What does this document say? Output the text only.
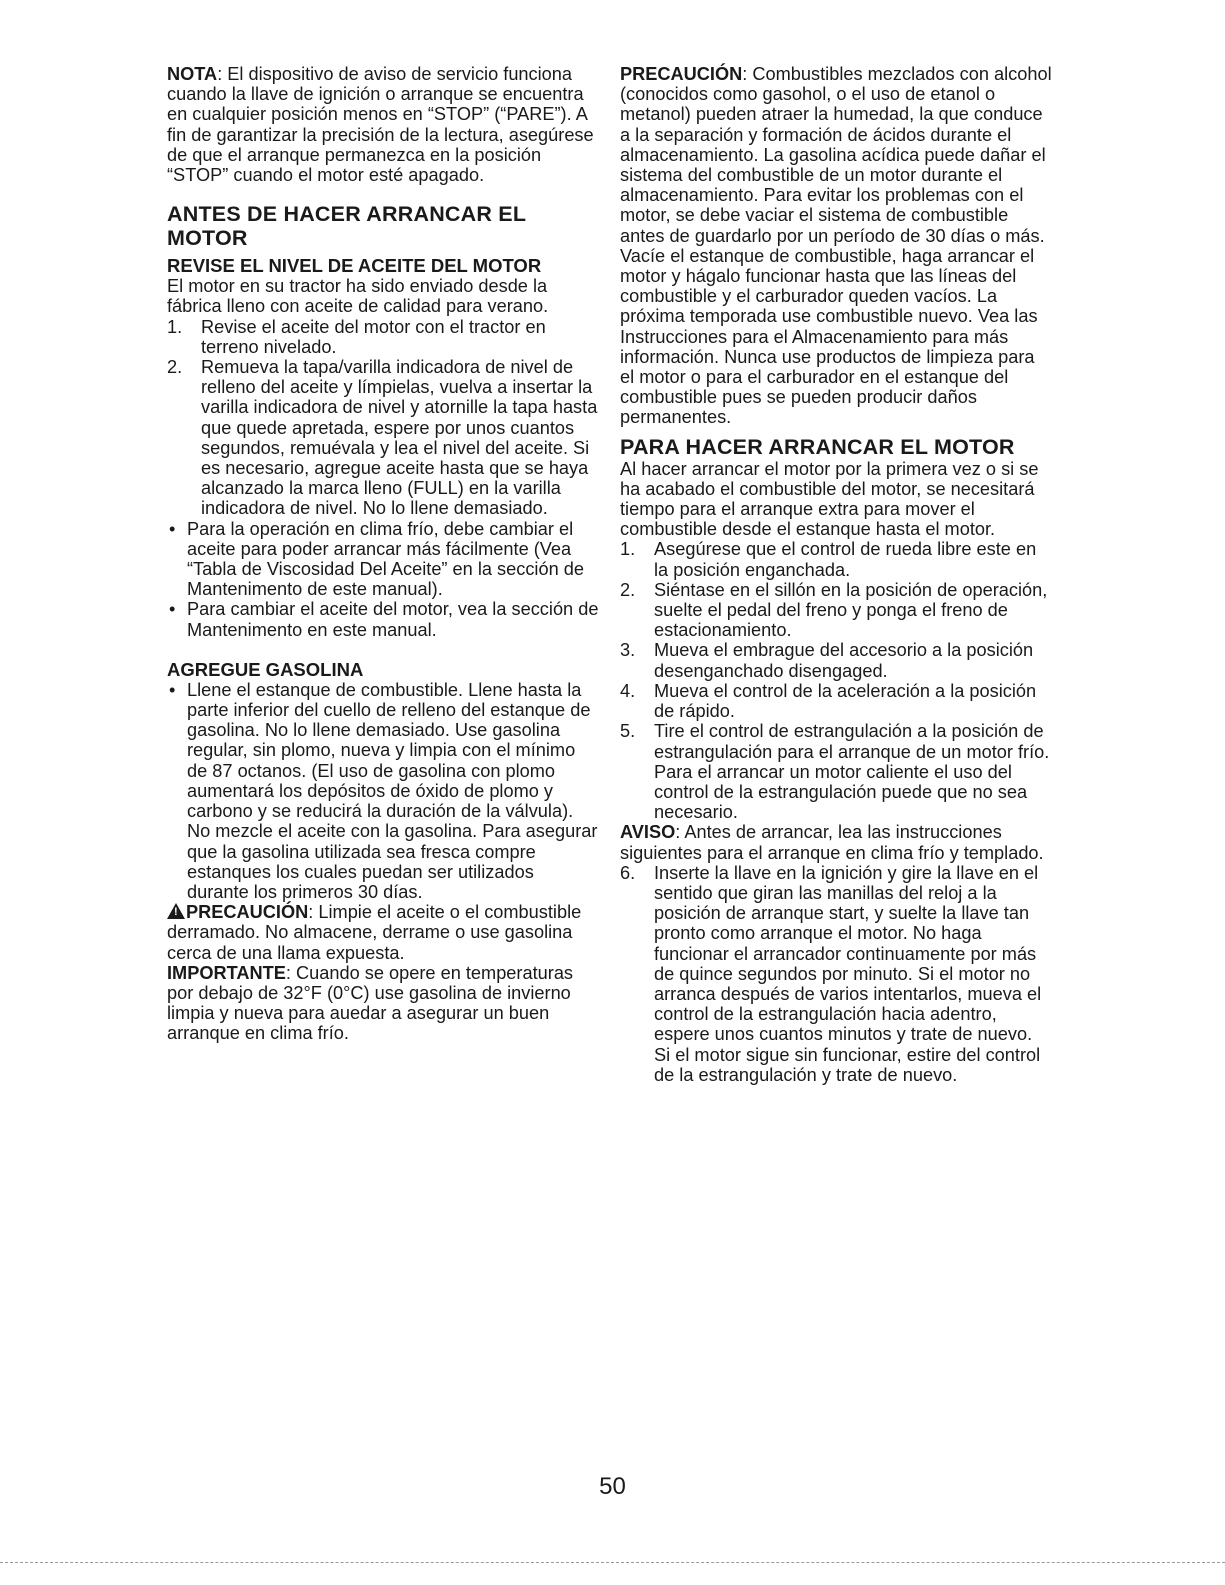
NOTA: El dispositivo de aviso de servicio funciona cuando la llave de ignición o arranque se encuentra en cualquier posición menos en “STOP” (“PARE”). A fin de garantizar la precisión de la lectura, asegúrese de que el arranque permanezca en la posición “STOP” cuando el motor esté apagado.

ANTES DE HACER ARRANCAR EL MOTOR
REVISE EL NIVEL DE ACEITE DEL MOTOR

El motor en su tractor ha sido enviado desde la fábrica lleno con aceite de calidad para verano.

1.	Revise el aceite del motor con el tractor en terreno nivelado.
2.	Remueva la tapa/varilla indicadora de nivel de relleno del aceite y límpielas, vuelva a insertar la varilla indicadora de nivel y atornille la tapa hasta que quede apretada, espere por unos cuantos segundos, remuévala y lea el nivel del aceite. Si es necesario, agregue aceite hasta que se haya alcanzado la marca lleno (FULL) en la varilla indicadora de nivel. No lo llene demasiado.
• Para la operación en clima frío, debe cambiar el aceite para poder arrancar más fácilmente (Vea “Tabla de Viscosidad Del Aceite” en la sección de Mantenimento de este manual).
• Para cambiar el aceite del motor, vea la sección de Mantenimento en este manual.
AGREGUE GASOLINA
• Llene el estanque de combustible. Llene hasta la parte inferior del cuello de relleno del estanque de gasolina. No lo llene demasiado. Use gasolina regular, sin plomo, nueva y limpia con el mínimo de 87 octanos. (El uso de gasolina con plomo aumentará los depósitos de óxido de plomo y carbono y se reducirá la duración de la válvula). No mezcle el aceite con la gasolina. Para asegurar que la gasolina utilizada sea fresca compre estanques los cuales puedan ser utilizados durante los primeros 30 días.

!PRECAUCIÓN: Limpie el aceite o el combustible derramado. No almacene, derrame o use gasolina cerca de una llama expuesta.

IMPORTANTE: Cuando se opere en temperaturas por debajo de 32°F (0°C) use gasolina de invierno limpia y nueva para auedar a asegurar un buen arranque en clima frío.

PRECAUCIÓN: Combustibles mezclados con alcohol (conocidos como gasohol, o el uso de etanol o metanol) pueden atraer la humedad, la que conduce a la separación y formación de ácidos durante el almacenamiento. La gasolina acídica puede dañar el sistema del combustible de un motor durante el almacenamiento. Para evitar los problemas con el motor, se debe vaciar el sistema de combustible antes de guardarlo por un período de 30 días o más. Vacíe el estanque de combustible, haga arrancar el motor y hágalo funcionar hasta que las líneas del combustible y el carburador queden vacíos. La próxima temporada use combustible nuevo. Vea las Instrucciones para el Almacenamiento para más información. Nunca use productos de limpieza para el motor o para el carburador en el estanque del combustible pues se pueden producir daños permanentes.

PARA HACER ARRANCAR EL MOTOR

Al hacer arrancar el motor por la primera vez o si se ha acabado el combustible del motor, se necesitará tiempo para el arranque extra para mover el combustible desde el estanque hasta el motor.

1.	Asegúrese que el control de rueda libre este en la posición enganchada.
2.	Siéntase en el sillón en la posición de operación, suelte el pedal del freno y ponga el freno de estacionamiento.
3.	Mueva el embrague del accesorio a la posición desenganchado disengaged.
4.	Mueva el control de la aceleración a la posición de rápido.
5.	Tire el control de estrangulación a la posición de estrangulación para el arranque de un motor frío. Para el arrancar un motor caliente el uso del control de la estrangulación puede que no sea necesario.

AVISO: Antes de arrancar, lea las instrucciones siguientes para el arranque en clima frío y templado.

6.	Inserte la llave en la ignición y gire la llave en el sentido que giran las manillas del reloj a la posición de arranque start, y suelte la llave tan pronto como arranque el motor. No haga funcionar el arrancador continuamente por más de quince segundos por minuto. Si el motor no arranca después de varios intentarlos, mueva el control de la estrangulación hacia adentro, espere unos cuantos minutos y trate de nuevo. Si el motor sigue sin funcionar, estire del control de la estrangulación y trate de nuevo.
50
